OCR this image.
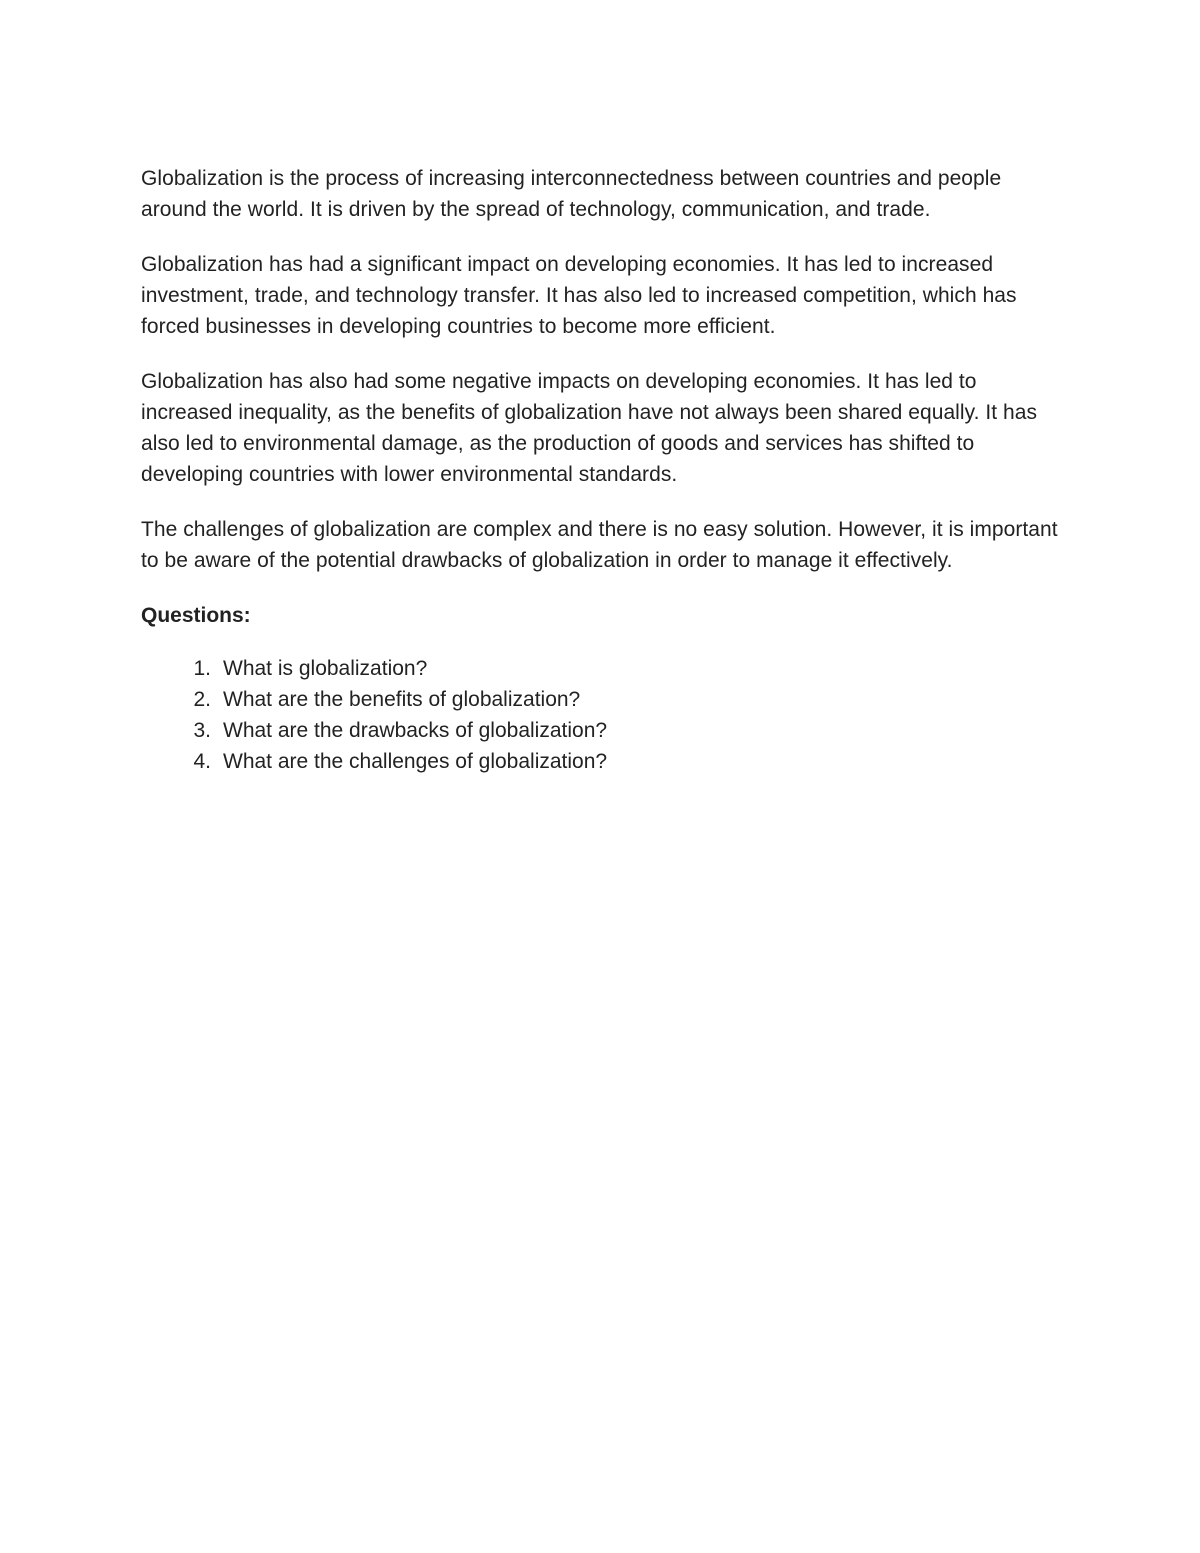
Globalization is the process of increasing interconnectedness between countries and people around the world. It is driven by the spread of technology, communication, and trade.

Globalization has had a significant impact on developing economies. It has led to increased investment, trade, and technology transfer. It has also led to increased competition, which has forced businesses in developing countries to become more efficient.

Globalization has also had some negative impacts on developing economies. It has led to increased inequality, as the benefits of globalization have not always been shared equally. It has also led to environmental damage, as the production of goods and services has shifted to developing countries with lower environmental standards.

The challenges of globalization are complex and there is no easy solution. However, it is important to be aware of the potential drawbacks of globalization in order to manage it effectively.

Questions:
1. What is globalization?
2. What are the benefits of globalization?
3. What are the drawbacks of globalization?
4. What are the challenges of globalization?
